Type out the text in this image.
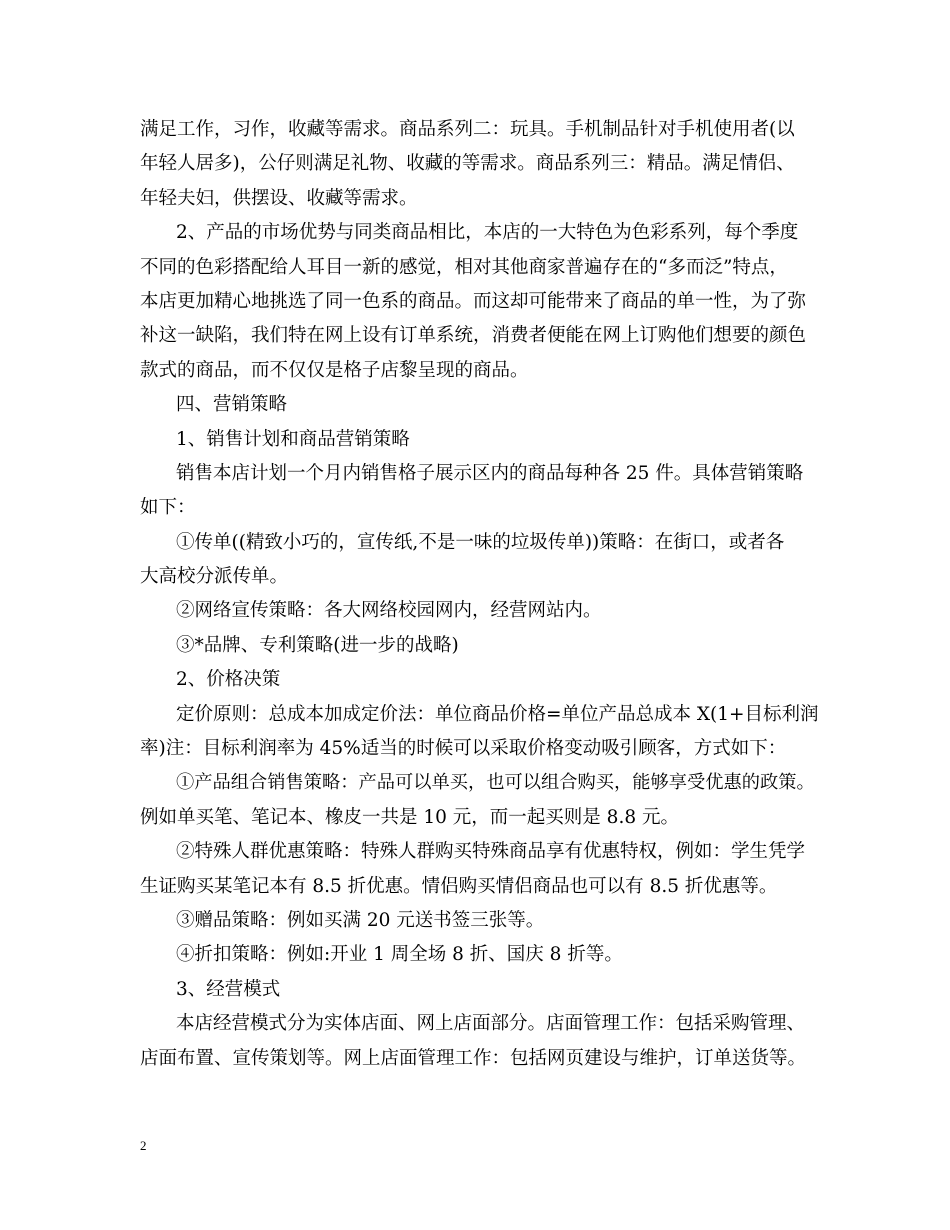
满足工作，习作，收藏等需求。商品系列二：玩具。手机制品针对手机使用者(以
年轻人居多)，公仔则满足礼物、收藏的等需求。商品系列三：精品。满足情侣、
年轻夫妇，供摆设、收藏等需求。
2、产品的市场优势与同类商品相比，本店的一大特色为色彩系列，每个季度
不同的色彩搭配给人耳目一新的感觉，相对其他商家普遍存在的“多而泛”特点，
本店更加精心地挑选了同一色系的商品。而这却可能带来了商品的单一性，为了弥
补这一缺陷，我们特在网上设有订单系统，消费者便能在网上订购他们想要的颜色
款式的商品，而不仅仅是格子店黎呈现的商品。
四、营销策略
1、销售计划和商品营销策略
销售本店计划一个月内销售格子展示区内的商品每种各 25 件。具体营销策略
如下：
①传单((精致小巧的，宣传纸,不是一味的垃圾传单))策略：在街口，或者各
大高校分派传单。
②网络宣传策略：各大网络校园网内，经营网站内。
③*品牌、专利策略(进一步的战略)
2、价格决策
定价原则：总成本加成定价法：单位商品价格=单位产品总成本 X(1+目标利润
率)注：目标利润率为 45%适当的时候可以采取价格变动吸引顾客，方式如下：
①产品组合销售策略：产品可以单买，也可以组合购买，能够享受优惠的政策。
例如单买笔、笔记本、橡皮一共是 10 元，而一起买则是 8.8 元。
②特殊人群优惠策略：特殊人群购买特殊商品享有优惠特权，例如：学生凭学
生证购买某笔记本有 8.5 折优惠。情侣购买情侣商品也可以有 8.5 折优惠等。
③赠品策略：例如买满 20 元送书签三张等。
④折扣策略：例如:开业 1 周全场 8 折、国庆 8 折等。
3、经营模式
本店经营模式分为实体店面、网上店面部分。店面管理工作：包括采购管理、
店面布置、宣传策划等。网上店面管理工作：包括网页建设与维护，订单送货等。
2
